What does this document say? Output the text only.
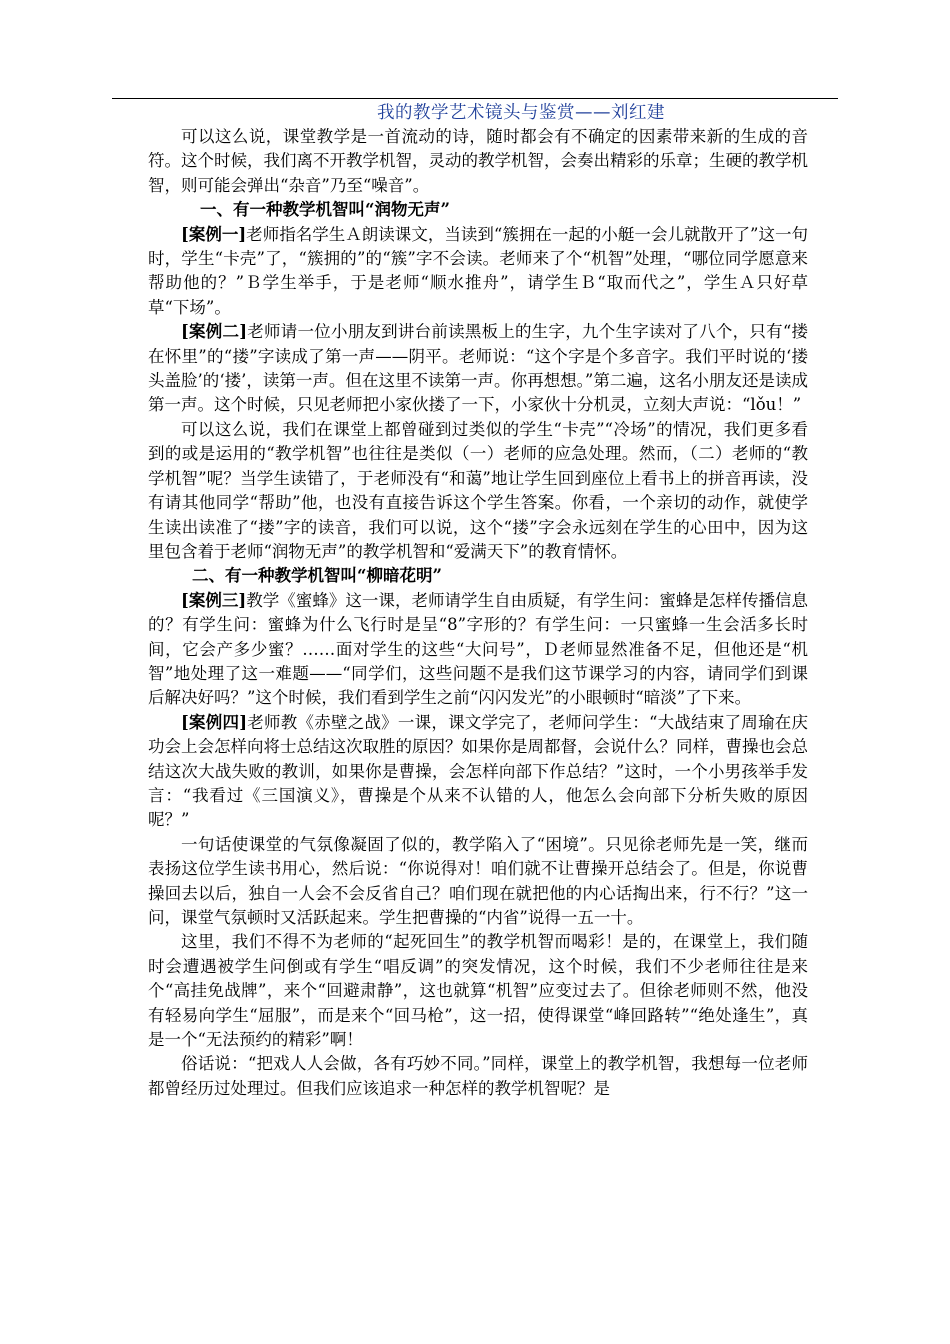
我的教学艺术镜头与鉴赏——刘红建

可以这么说，课堂教学是一首流动的诗，随时都会有不确定的因素带来新的生成的音符。这个时候，我们离不开教学机智，灵动的教学机智，会奏出精彩的乐章；生硬的教学机智，则可能会弹出“杂音”乃至“噪音”。

一、有一种教学机智叫“润物无声”

[案例一]老师指名学生Ａ朗读课文，当读到“簇拥在一起的小艇一会儿就散开了”这一句时，学生“卡壳”了，“簇拥的”的“簇”字不会读。老师来了个“机智”处理，“哪位同学愿意来帮助他的？”Ｂ学生举手，于是老师“顺水推舟”，请学生Ｂ“取而代之”，学生Ａ只好草草“下场”。

[案例二]老师请一位小朋友到讲台前读黑板上的生字，九个生字读对了八个，只有“搂在怀里”的“搂”字读成了第一声——阴平。老师说：“这个字是个多音字。我们平时说的‘搂头盖脸’的‘搂’，读第一声。但在这里不读第一声。你再想想。”第二遍，这名小朋友还是读成第一声。这个时候，只见老师把小家伙搂了一下，小家伙十分机灵，立刻大声说：“lǒu！”

可以这么说，我们在课堂上都曾碰到过类似的学生“卡壳”“冷场”的情况，我们更多看到的或是运用的“教学机智”也往往是类似（一）老师的应急处理。然而，（二）老师的“教学机智”呢？当学生读错了，于老师没有“和蔼”地让学生回到座位上看书上的拼音再读，没有请其他同学“帮助”他，也没有直接告诉这个学生答案。你看，一个亲切的动作，就使学生读出读准了“搂”字的读音，我们可以说，这个“搂”字会永远刻在学生的心田中，因为这里包含着于老师“润物无声”的教学机智和“爱满天下”的教育情怀。

二、有一种教学机智叫“柳暗花明”

[案例三]教学《蜜蜂》这一课，老师请学生自由质疑，有学生问：蜜蜂是怎样传播信息的？有学生问：蜜蜂为什么飞行时是呈“8”字形的？有学生问：一只蜜蜂一生会活多长时间，它会产多少蜜？……面对学生的这些“大问号”，Ｄ老师显然准备不足，但他还是“机智”地处理了这一难题——“同学们，这些问题不是我们这节课学习的内容，请同学们到课后解决好吗？”这个时候，我们看到学生之前“闪闪发光”的小眼顿时“暗淡”了下来。

[案例四]老师教《赤壁之战》一课，课文学完了，老师问学生：“大战结束了周瑜在庆功会上会怎样向将士总结这次取胜的原因？如果你是周都督，会说什么？同样，曹操也会总结这次大战失败的教训，如果你是曹操，会怎样向部下作总结？”这时，一个小男孩举手发言：“我看过《三国演义》，曹操是个从来不认错的人，他怎么会向部下分析失败的原因呢？”

一句话使课堂的气氛像凝固了似的，教学陷入了“困境”。只见徐老师先是一笑，继而表扬这位学生读书用心，然后说：“你说得对！咱们就不让曹操开总结会了。但是，你说曹操回去以后，独自一人会不会反省自己？咱们现在就把他的内心话掏出来，行不行？”这一问，课堂气氛顿时又活跃起来。学生把曹操的“内省”说得一五一十。

这里，我们不得不为老师的“起死回生”的教学机智而喝彩！是的，在课堂上，我们随时会遭遇被学生问倒或有学生“唱反调”的突发情况，这个时候，我们不少老师往往是来个“高挂免战牌”，来个“回避肃静”，这也就算“机智”应变过去了。但徐老师则不然，他没有轻易向学生“屈服”，而是来个“回马枪”，这一招，使得课堂“峰回路转”“绝处逢生”，真是一个“无法预约的精彩”啊！

俗话说：“把戏人人会做，各有巧妙不同。”同样，课堂上的教学机智，我想每一位老师都曾经历过处理过。但我们应该追求一种怎样的教学机智呢？是
